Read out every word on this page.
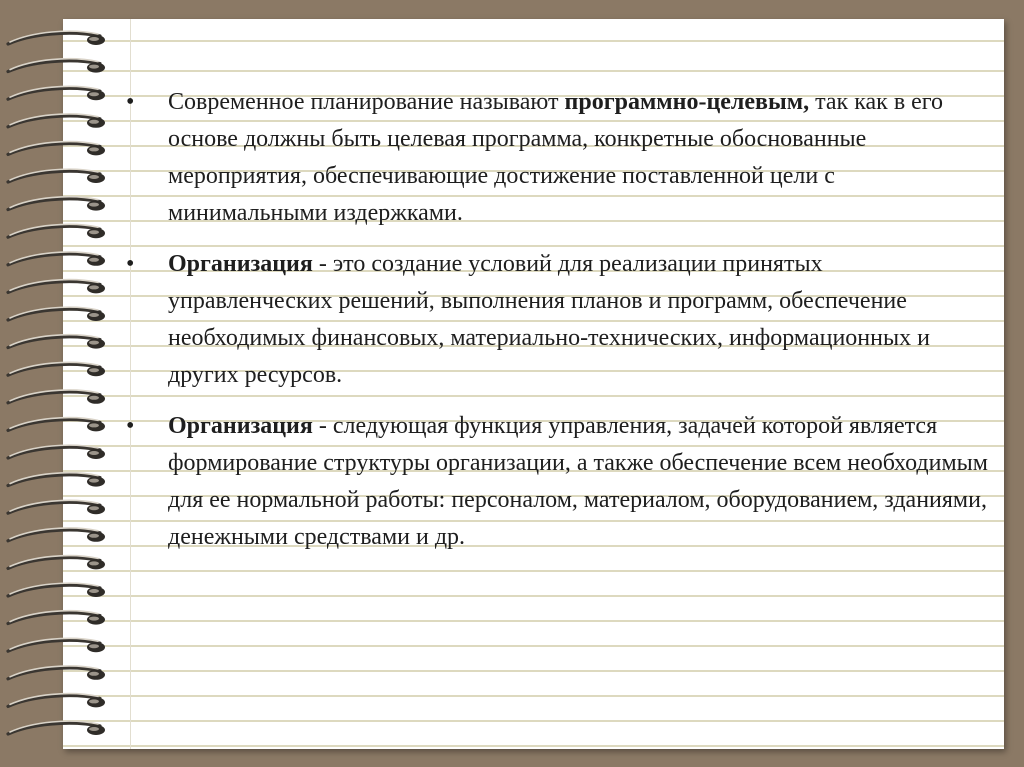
• Современное планирование называют программно-целевым, так как в его основе должны быть целевая программа, конкретные обоснованные мероприятия, обеспечивающие достижение поставленной цели с минимальными издержками.
• Организация - это создание условий для реализации принятых управленческих решений, выполнения планов и программ, обеспечение необходимых финансовых, материально-технических, информационных и других ресурсов.
• Организация - следующая функция управления, задачей которой является формирование структуры организации, а также обеспечение всем необходимым для ее нормальной работы: персоналом, материалом, оборудованием, зданиями, денежными средствами и др.
